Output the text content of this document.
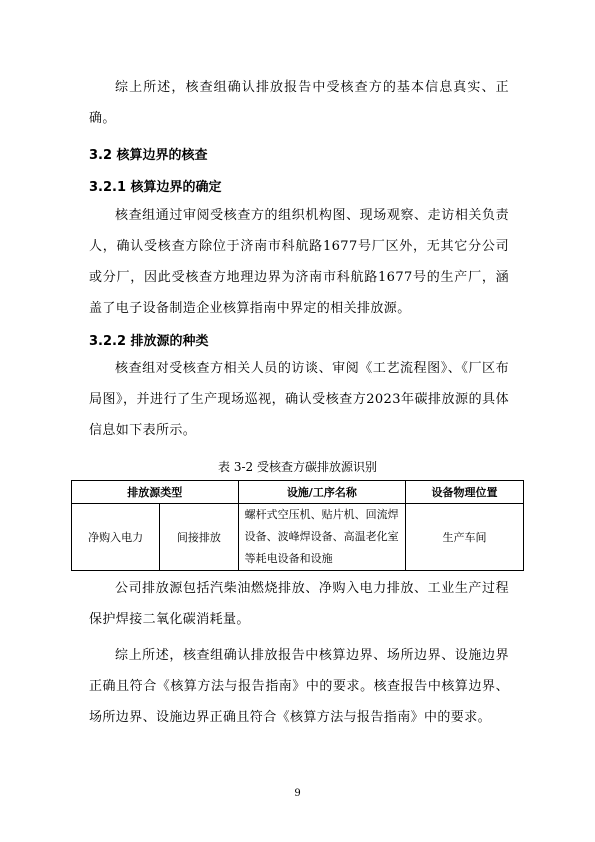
综上所述，核查组确认排放报告中受核查方的基本信息真实、正确。

3.2 核算边界的核查

3.2.1 核算边界的确定

核查组通过审阅受核查方的组织机构图、现场观察、走访相关负责人，确认受核查方除位于济南市科航路1677号厂区外，无其它分公司或分厂，因此受核查方地理边界为济南市科航路1677号的生产厂，涵盖了电子设备制造企业核算指南中界定的相关排放源。

3.2.2 排放源的种类

核查组对受核查方相关人员的访谈、审阅《工艺流程图》、《厂区布局图》，并进行了生产现场巡视，确认受核查方2023年碳排放源的具体信息如下表所示。

表 3-2 受核查方碳排放源识别
排放源类型		设施/工序名称	设备物理位置
净购入电力	间接排放	螺杆式空压机、贴片机、回流焊设备、波峰焊设备、高温老化室等耗电设备和设施	生产车间

公司排放源包括汽柴油燃烧排放、净购入电力排放、工业生产过程保护焊接二氧化碳消耗量。

综上所述，核查组确认排放报告中核算边界、场所边界、设施边界正确且符合《核算方法与报告指南》中的要求。核查报告中核算边界、场所边界、设施边界正确且符合《核算方法与报告指南》中的要求。

9
